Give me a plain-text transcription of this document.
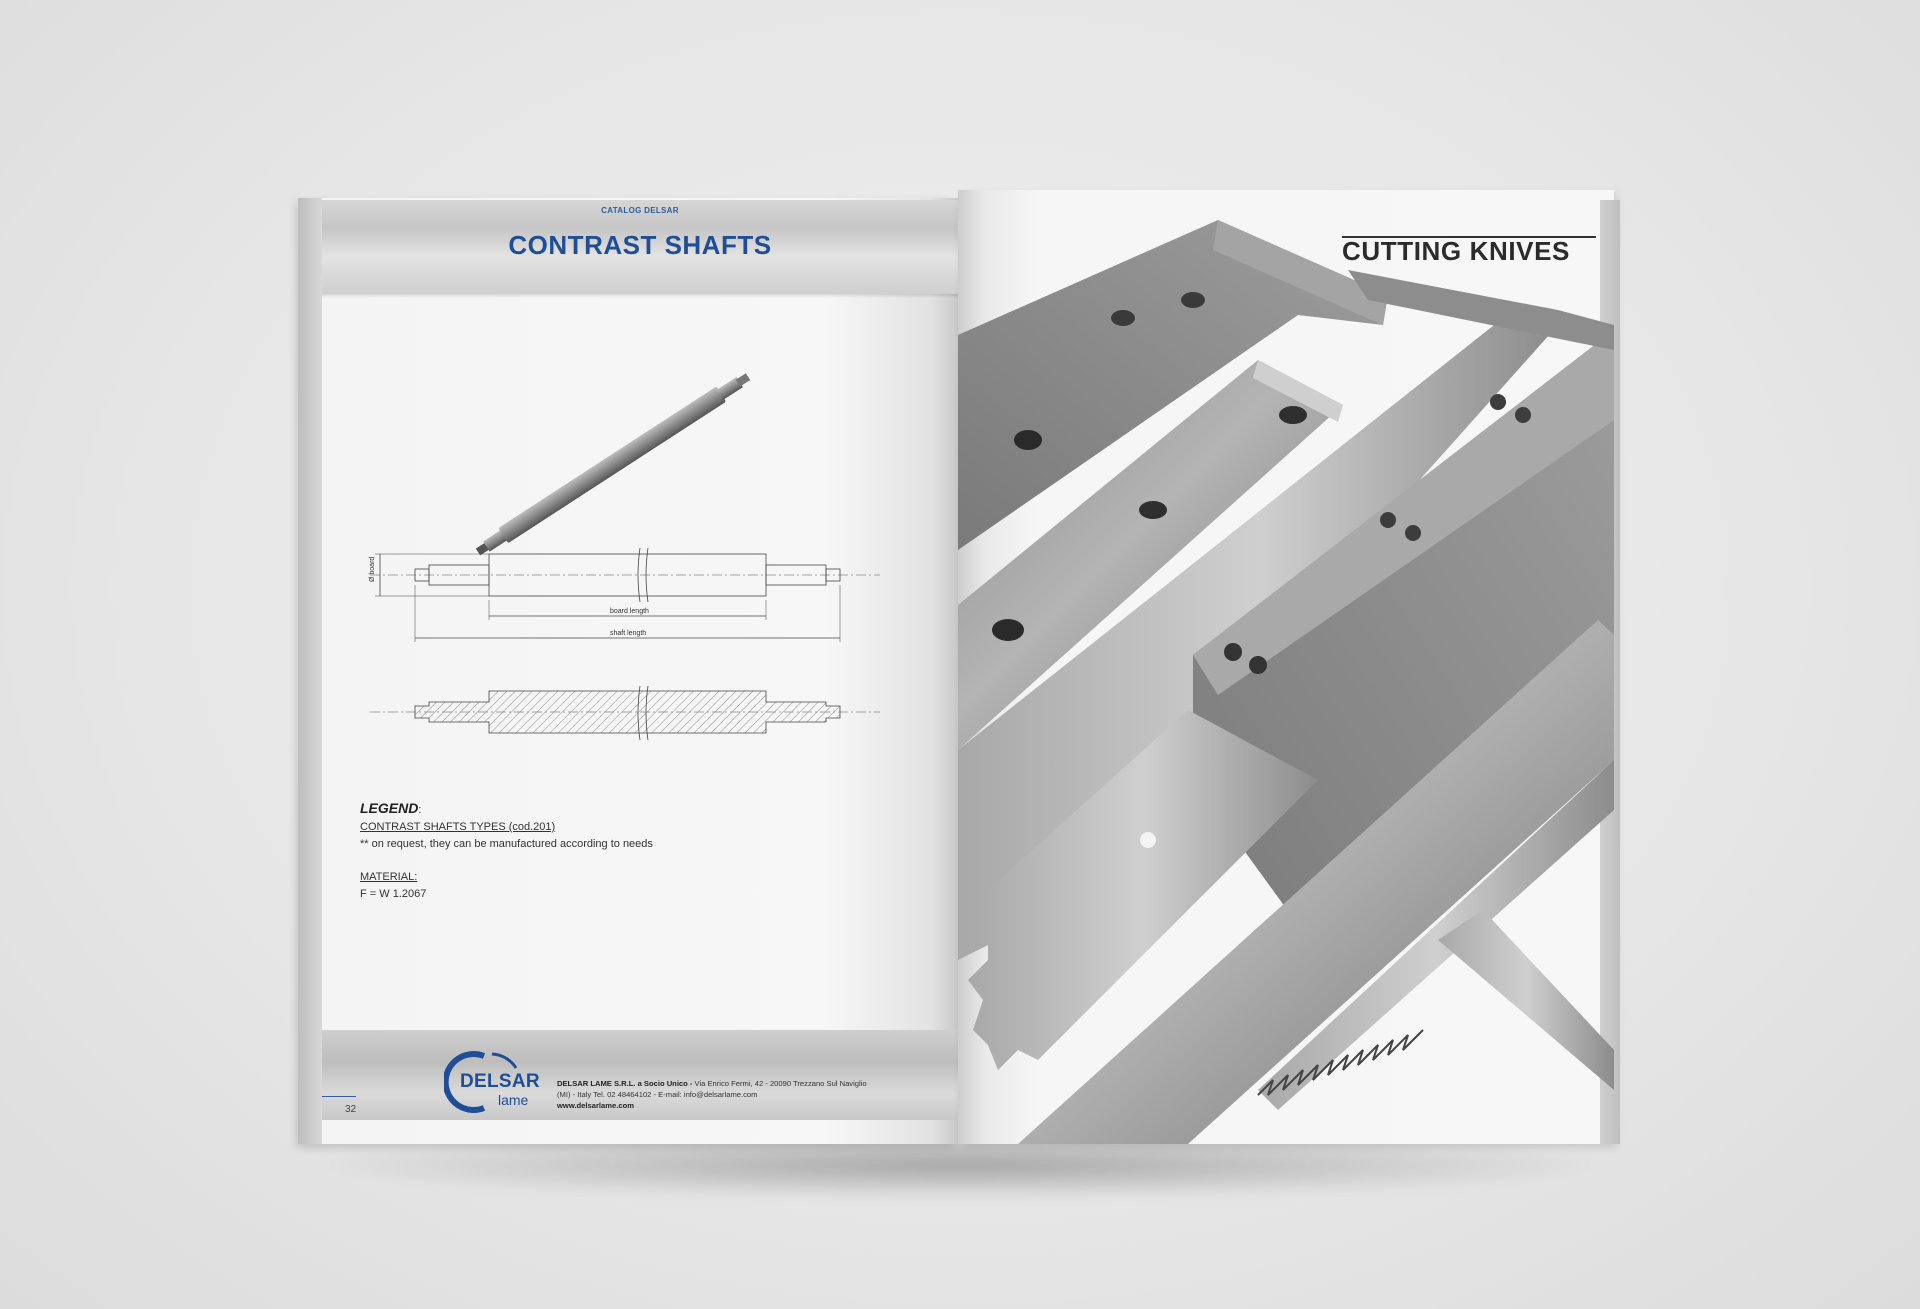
CATALOG DELSAR
CONTRAST SHAFTS
Ø board
board length
shaft length
LEGEND:
CONTRAST SHAFTS TYPES (cod.201)
** on request, they can be manufactured according to needs
MATERIAL:
F = W 1.2067
32
DELSAR
lame
DELSAR LAME S.R.L. a Socio Unico - Via Enrico Fermi, 42 - 20090 Trezzano Sul Naviglio
(MI) - Italy Tel. 02 48464102 - E-mail: info@delsarlame.com
www.delsarlame.com
CUTTING KNIVES
